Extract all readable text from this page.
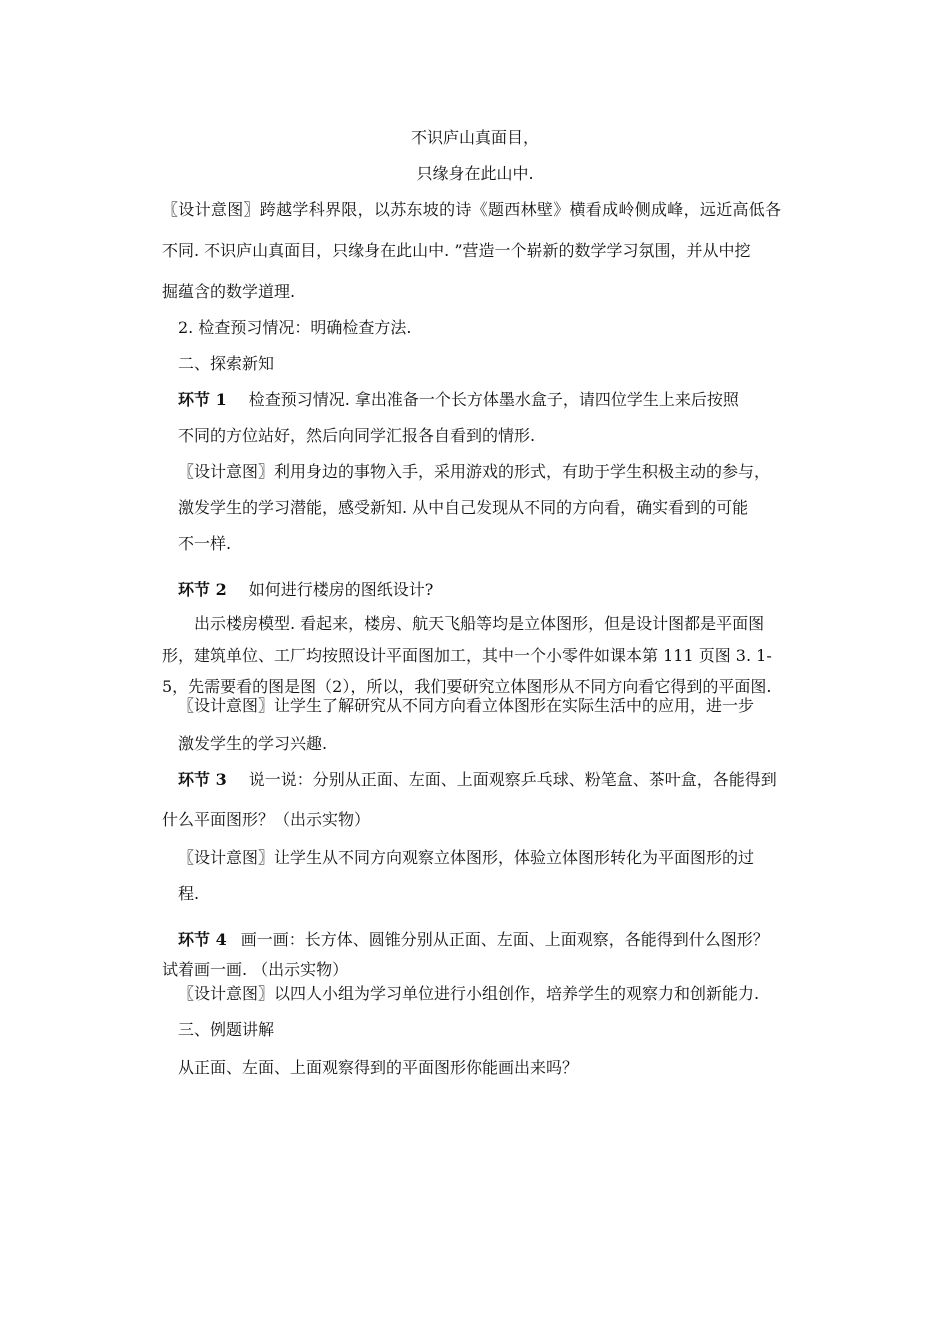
不识庐山真面目，
只缘身在此山中.
〖设计意图〗跨越学科界限，以苏东坡的诗《题西林壁》横看成岭侧成峰，远近高低各
不同. 不识庐山真面目，只缘身在此山中. ”营造一个崭新的数学学习氛围，并从中挖
掘蕴含的数学道理.
2. 检查预习情况：明确检查方法.
二、探索新知
环节 1 检查预习情况. 拿出准备一个长方体墨水盒子，请四位学生上来后按照
不同的方位站好，然后向同学汇报各自看到的情形.
〖设计意图〗利用身边的事物入手，采用游戏的形式，有助于学生积极主动的参与，
激发学生的学习潜能，感受新知. 从中自己发现从不同的方向看，确实看到的可能
不一样.
环节 2 如何进行楼房的图纸设计?
出示楼房模型. 看起来，楼房、航天飞船等均是立体图形，但是设计图都是平面图
形，建筑单位、工厂均按照设计平面图加工，其中一个小零件如课本第 111 页图 3. 1-
5，先需要看的图是图（2），所以，我们要研究立体图形从不同方向看它得到的平面图.
〖设计意图〗让学生了解研究从不同方向看立体图形在实际生活中的应用，进一步
激发学生的学习兴趣.
环节 3 说一说：分别从正面、左面、上面观察乒乓球、粉笔盒、茶叶盒，各能得到
什么平面图形？（出示实物）
〖设计意图〗让学生从不同方向观察立体图形，体验立体图形转化为平面图形的过
程.
环节 4 画一画：长方体、圆锥分别从正面、左面、上面观察，各能得到什么图形？
试着画一画. （出示实物）
〖设计意图〗以四人小组为学习单位进行小组创作，培养学生的观察力和创新能力.
三、例题讲解
从正面、左面、上面观察得到的平面图形你能画出来吗？
